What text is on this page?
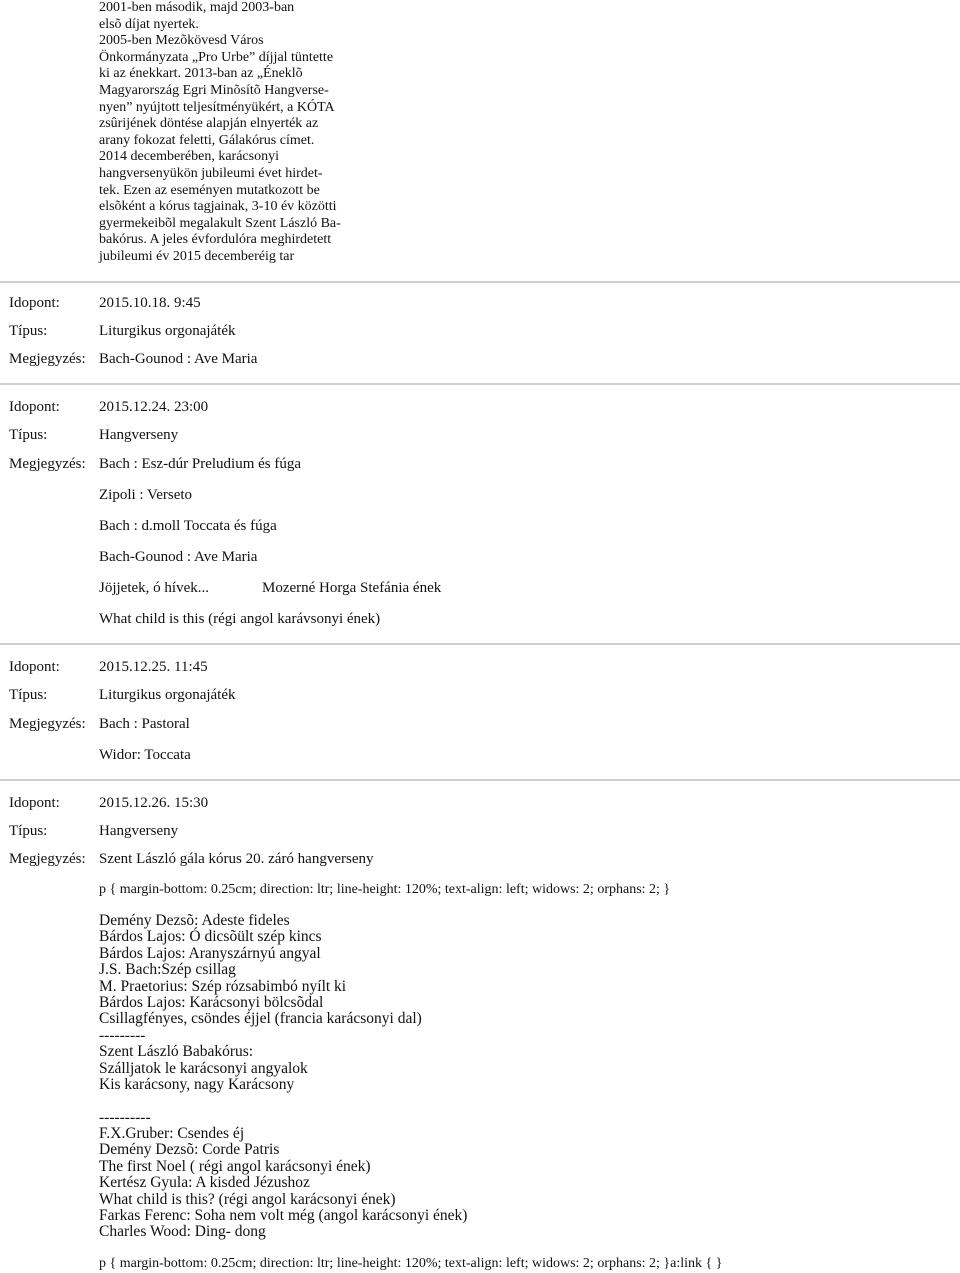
2001-ben második, majd 2003-ban
elsõ díjat nyertek.
2005-ben Mezõkövesd Város
Önkormányzata „Pro Urbe” díjjal tüntette
ki az énekkart. 2013-ban az „Éneklõ
Magyarország Egri Minõsítõ Hangverse-
nyen” nyújtott teljesítményükért, a KÓTA
zsûrijének döntése alapján elnyerték az
arany fokozat feletti, Gálakórus címet.
2014 decemberében, karácsonyi
hangversenyükön jubileumi évet hirdet-
tek. Ezen az eseményen mutatkozott be
elsõként a kórus tagjainak, 3-10 év közötti
gyermekeibõl megalakult Szent László Ba-
bakórus. A jeles évfordulóra meghirdetett
jubileumi év 2015 decemberéig tar
Idopont:	2015.10.18. 9:45
Típus:	Liturgikus orgonajáték
Megjegyzés: Bach-Gounod : Ave Maria
Idopont:	2015.12.24. 23:00
Típus:	Hangverseny
Megjegyzés: Bach : Esz-dúr Preludium és fúga
Zipoli : Verseto
Bach : d.moll Toccata és fúga
Bach-Gounod : Ave Maria
Jöjjetek, ó hívek...	Mozerné Horga Stefánia ének
What child is this (régi angol karávsonyi ének)
Idopont:	2015.12.25. 11:45
Típus:	Liturgikus orgonajáték
Megjegyzés: Bach : Pastoral
Widor: Toccata
Idopont:	2015.12.26. 15:30
Típus:	Hangverseny
Megjegyzés: Szent László gála kórus 20. záró hangverseny
p { margin-bottom: 0.25cm; direction: ltr; line-height: 120%; text-align: left; widows: 2; orphans: 2; }
Demény Dezsõ: Adeste fideles
Bárdos Lajos: Ó dicsõült szép kincs
Bárdos Lajos: Aranyszárnyú angyal
J.S. Bach:Szép csillag
M. Praetorius: Szép rózsabimbó nyílt ki
Bárdos Lajos: Karácsonyi bölcsõdal
Csillagfényes, csöndes éjjel (francia karácsonyi dal)
---------
Szent László Babakórus:
Szálljatok le karácsonyi angyalok
Kis karácsony, nagy Karácsony
----------
F.X.Gruber: Csendes éj
Demény Dezsõ: Corde Patris
The first Noel ( régi angol karácsonyi ének)
Kertész Gyula: A kisded Jézushoz
What child is this? (régi angol karácsonyi ének)
Farkas Ferenc: Soha nem volt még (angol karácsonyi ének)
Charles Wood: Ding- dong
p { margin-bottom: 0.25cm; direction: ltr; line-height: 120%; text-align: left; widows: 2; orphans: 2; }a:link { }
